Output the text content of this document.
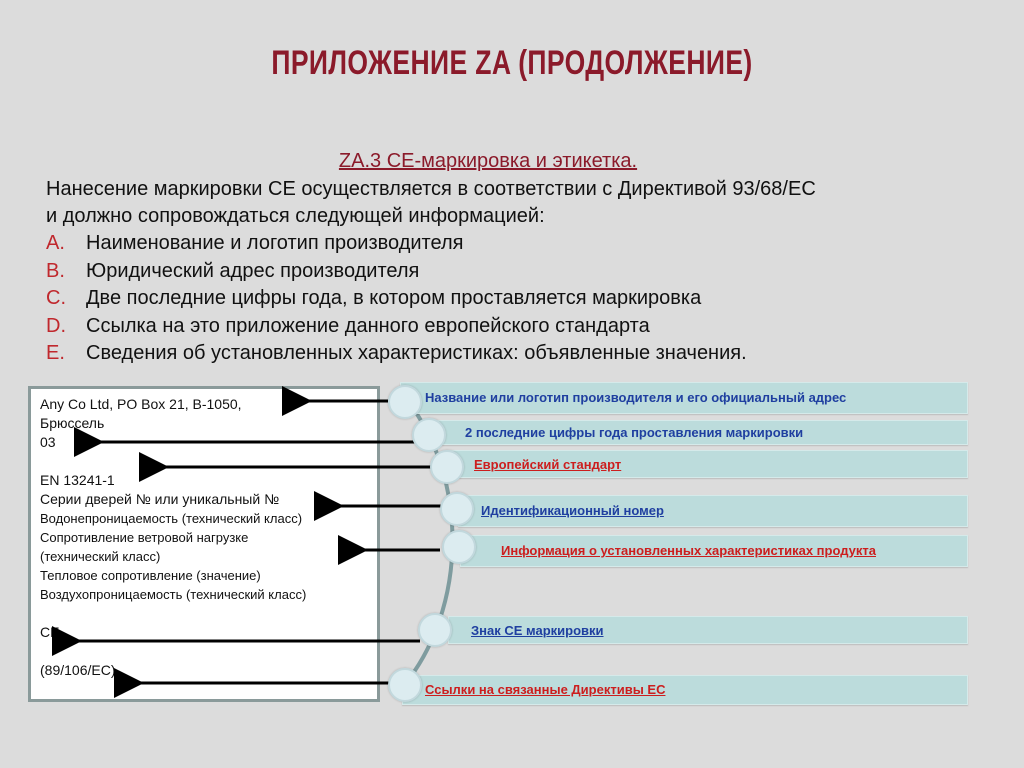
ПРИЛОЖЕНИЕ ZA (ПРОДОЛЖЕНИЕ)
ZA.3 CE-маркировка и этикетка.
Нанесение маркировки CE осуществляется в соответствии с Директивой 93/68/ЕС
и должно сопровождаться следующей информацией:
A. Наименование и логотип производителя
B. Юридический адрес производителя
C. Две последние цифры года, в котором проставляется маркировка
D. Ссылка на это приложение данного европейского стандарта
E. Сведения об установленных характеристиках: объявленные значения.
Any Co Ltd, PO Box 21, B-1050,
Брюссель
03
EN 13241-1
Серии дверей № или уникальный №
Водонепроницаемость (технический класс)
Сопротивление ветровой нагрузке
(технический класс)
Тепловое сопротивление (значение)
Воздухопроницаемость (технический класс)
CE
(89/106/EC)
Название или логотип производителя и его официальный адрес
2 последние цифры года проставления маркировки
Европейский стандарт
Идентификационный номер
Информация о установленных характеристиках продукта
Знак CE маркировки
Ссылки на связанные Директивы ЕС
